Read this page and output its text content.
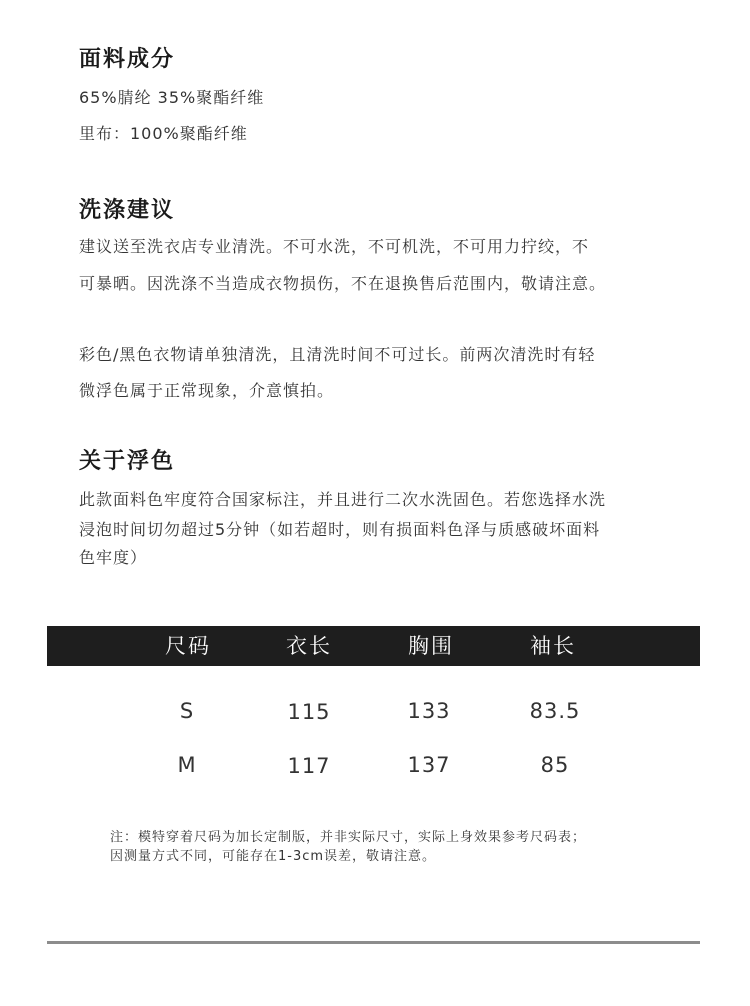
面料成分
65%腈纶 35%聚酯纤维
里布：100%聚酯纤维
洗涤建议
建议送至洗衣店专业清洗。不可水洗，不可机洗，不可用力拧绞，不
可暴晒。因洗涤不当造成衣物损伤，不在退换售后范围内，敬请注意。
彩色/黑色衣物请单独清洗，且清洗时间不可过长。前两次清洗时有轻
微浮色属于正常现象，介意慎拍。
关于浮色
此款面料色牢度符合国家标注，并且进行二次水洗固色。若您选择水洗
浸泡时间切勿超过5分钟（如若超时，则有损面料色泽与质感破坏面料
色牢度）
尺码	衣长	胸围	袖长
S	115	133	83.5
M	117	137	85
注：模特穿着尺码为加长定制版，并非实际尺寸，实际上身效果参考尺码表；
因测量方式不同，可能存在1-3cm误差，敬请注意。
